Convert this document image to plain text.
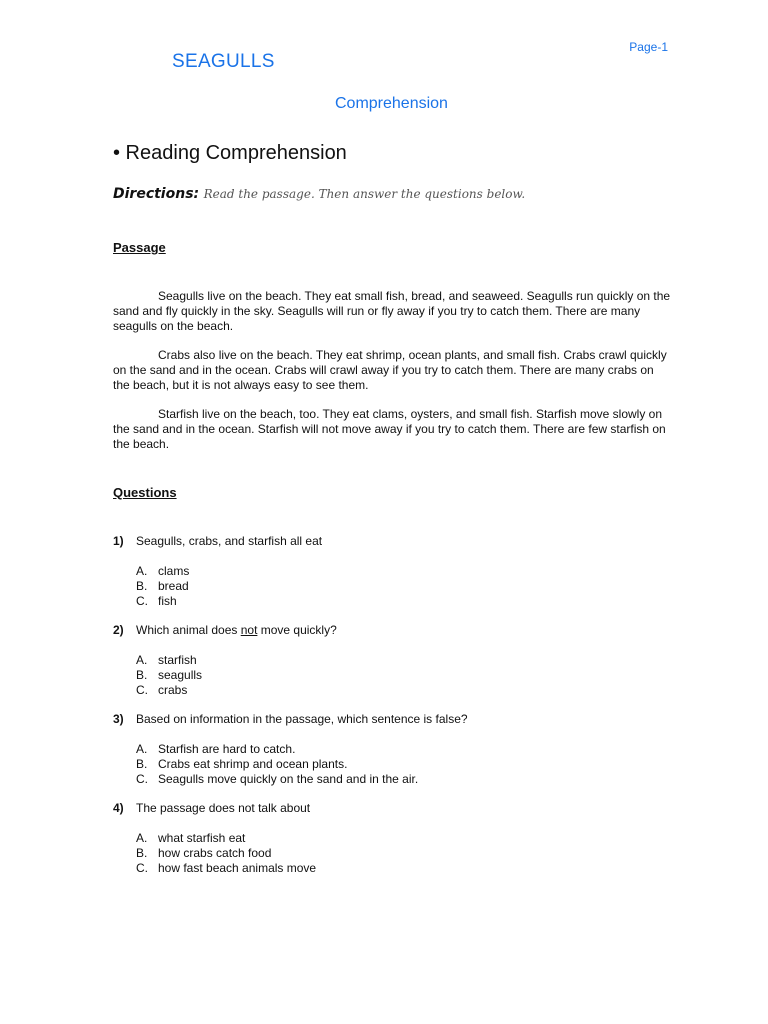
Page-1
SEAGULLS
Comprehension
• Reading Comprehension
Directions: Read the passage. Then answer the questions below.
Passage
Seagulls live on the beach. They eat small fish, bread, and seaweed. Seagulls run quickly on the sand and fly quickly in the sky. Seagulls will run or fly away if you try to catch them. There are many seagulls on the beach.
Crabs also live on the beach. They eat shrimp, ocean plants, and small fish. Crabs crawl quickly on the sand and in the ocean. Crabs will crawl away if you try to catch them. There are many crabs on the beach, but it is not always easy to see them.
Starfish live on the beach, too. They eat clams, oysters, and small fish. Starfish move slowly on the sand and in the ocean. Starfish will not move away if you try to catch them. There are few starfish on the beach.
Questions
1) Seagulls, crabs, and starfish all eat
A. clams
B. bread
C. fish
2) Which animal does not move quickly?
A. starfish
B. seagulls
C. crabs
3) Based on information in the passage, which sentence is false?
A. Starfish are hard to catch.
B. Crabs eat shrimp and ocean plants.
C. Seagulls move quickly on the sand and in the air.
4) The passage does not talk about
A. what starfish eat
B. how crabs catch food
C. how fast beach animals move
